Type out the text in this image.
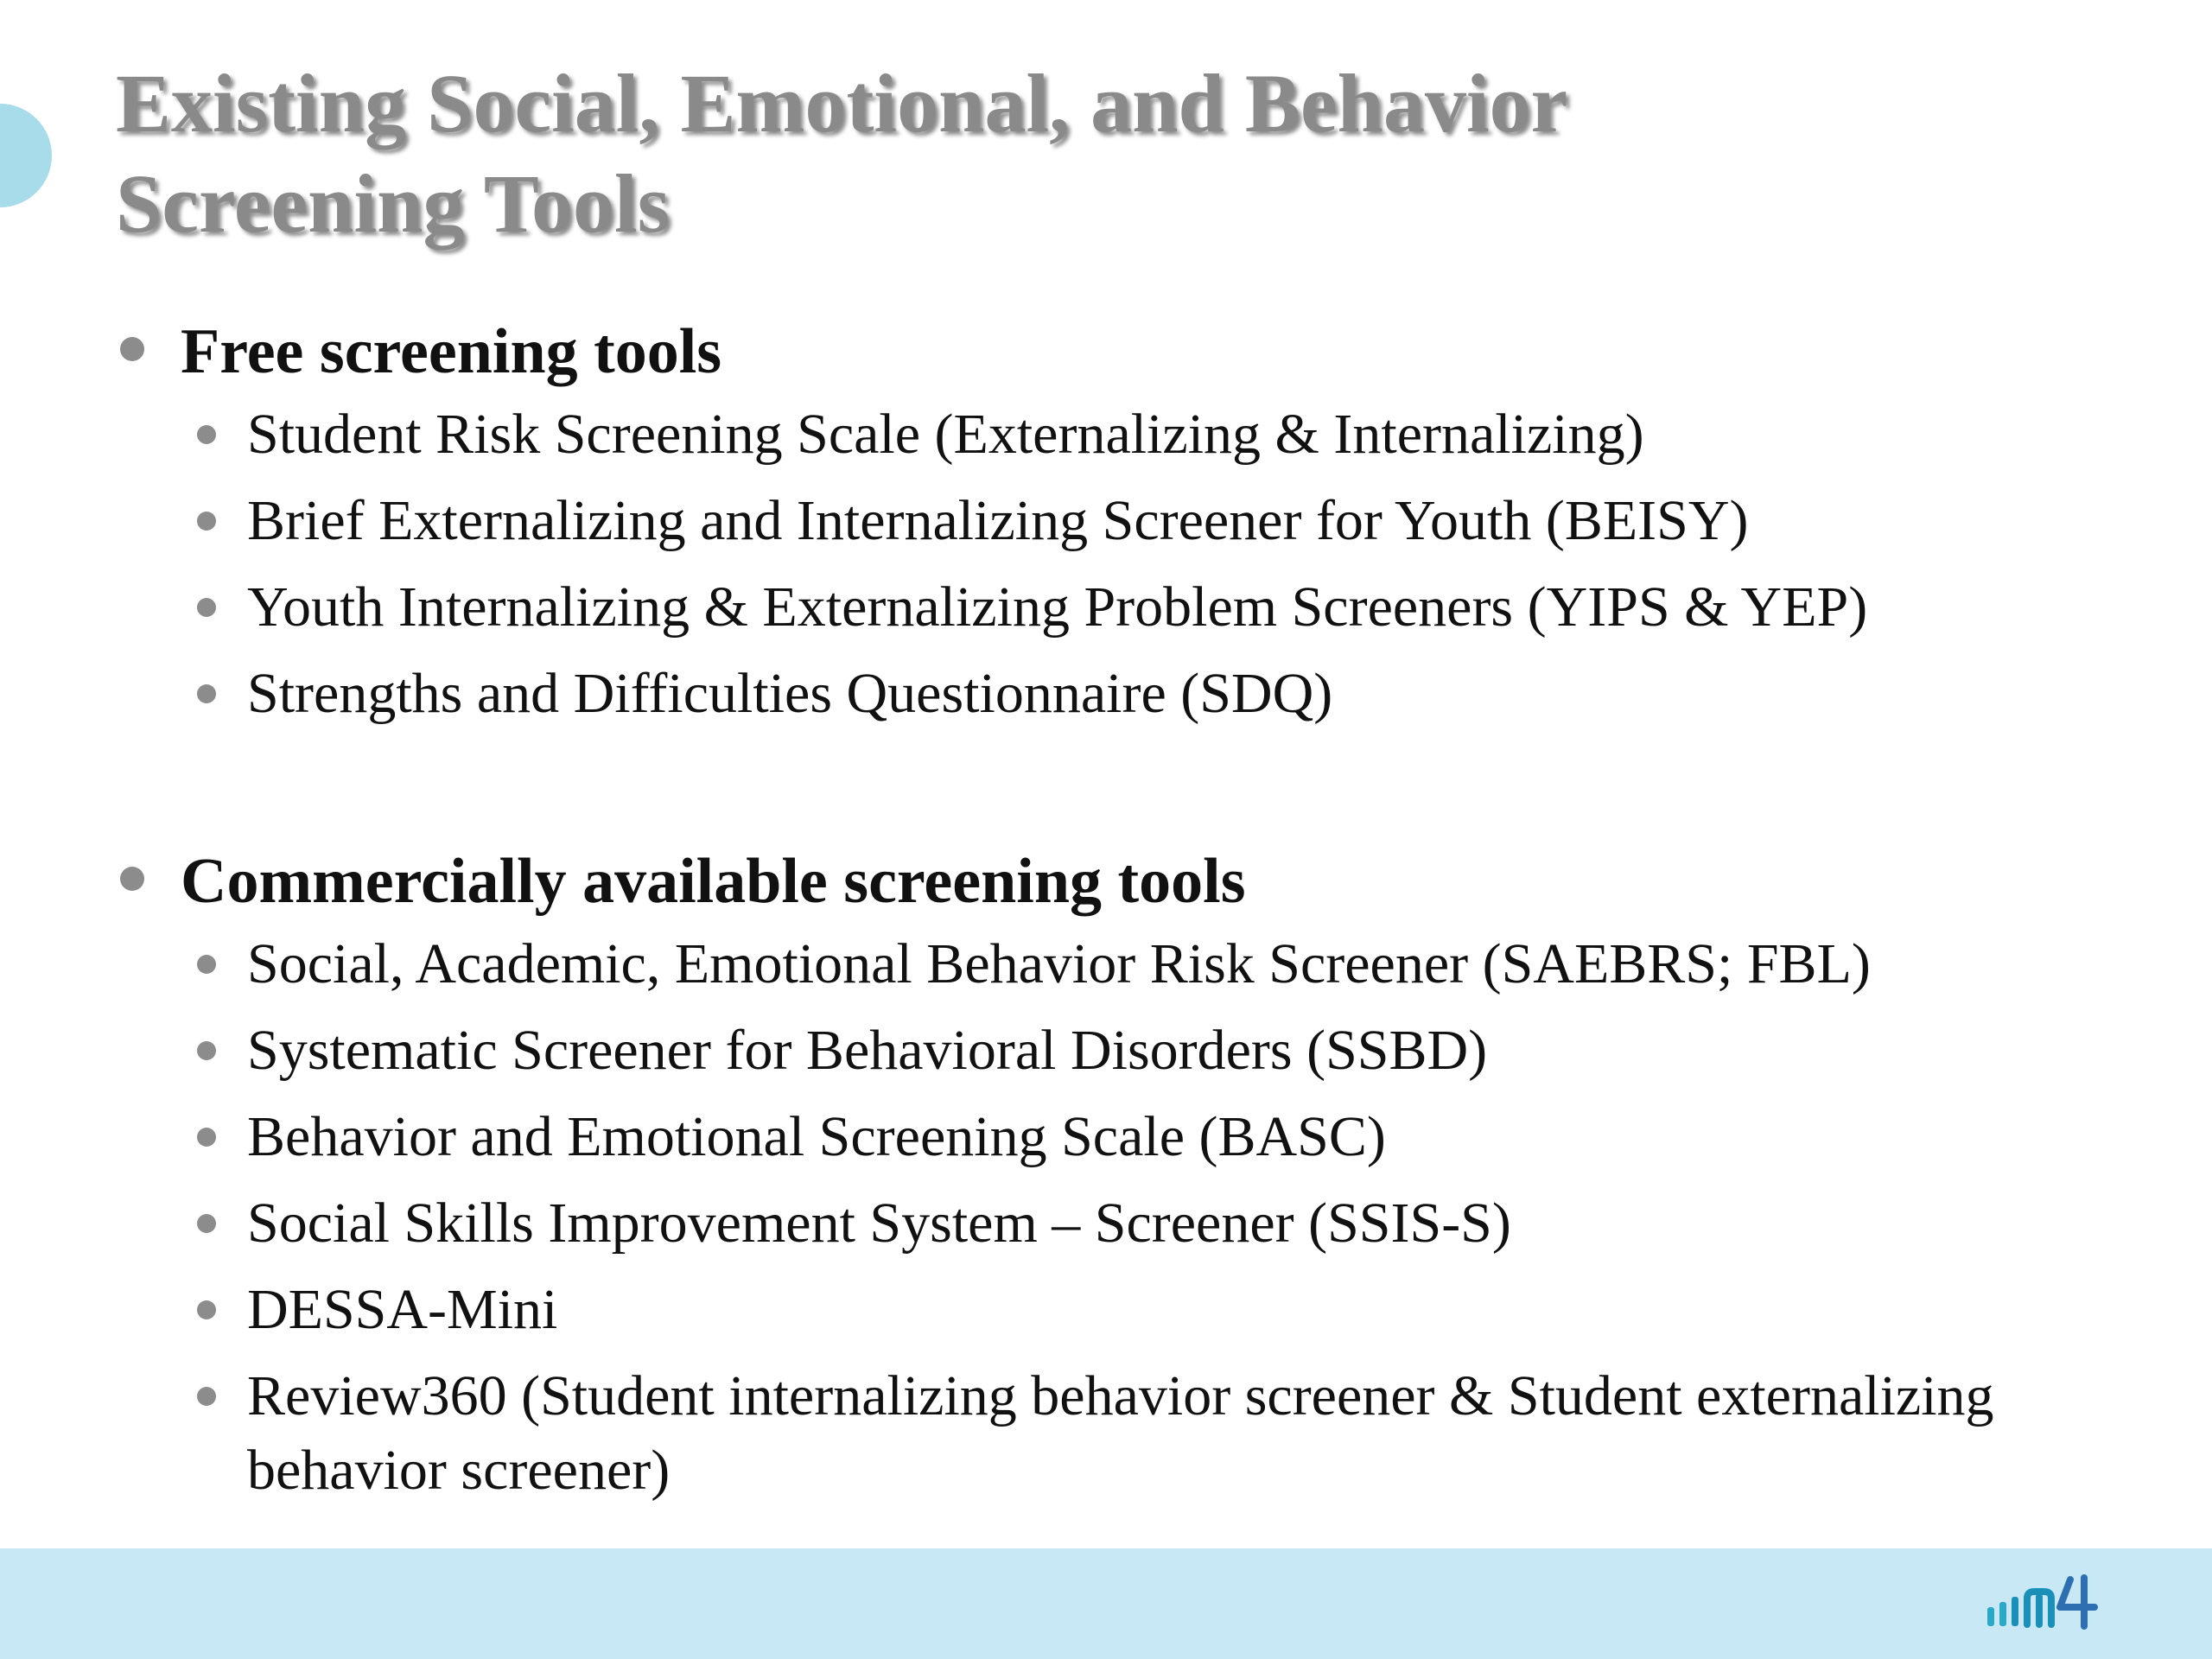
Existing Social, Emotional, and Behavior
Screening Tools
Free screening tools
Student Risk Screening Scale (Externalizing & Internalizing)
Brief Externalizing and Internalizing Screener for Youth (BEISY)
Youth Internalizing & Externalizing Problem Screeners (YIPS & YEP)
Strengths and Difficulties Questionnaire (SDQ)
Commercially available screening tools
Social, Academic, Emotional Behavior Risk Screener (SAEBRS; FBL)
Systematic Screener for Behavioral Disorders (SSBD)
Behavior and Emotional Screening Scale (BASC)
Social Skills Improvement System – Screener (SSIS-S)
DESSA-Mini
Review360 (Student internalizing behavior screener & Student externalizing behavior screener)
